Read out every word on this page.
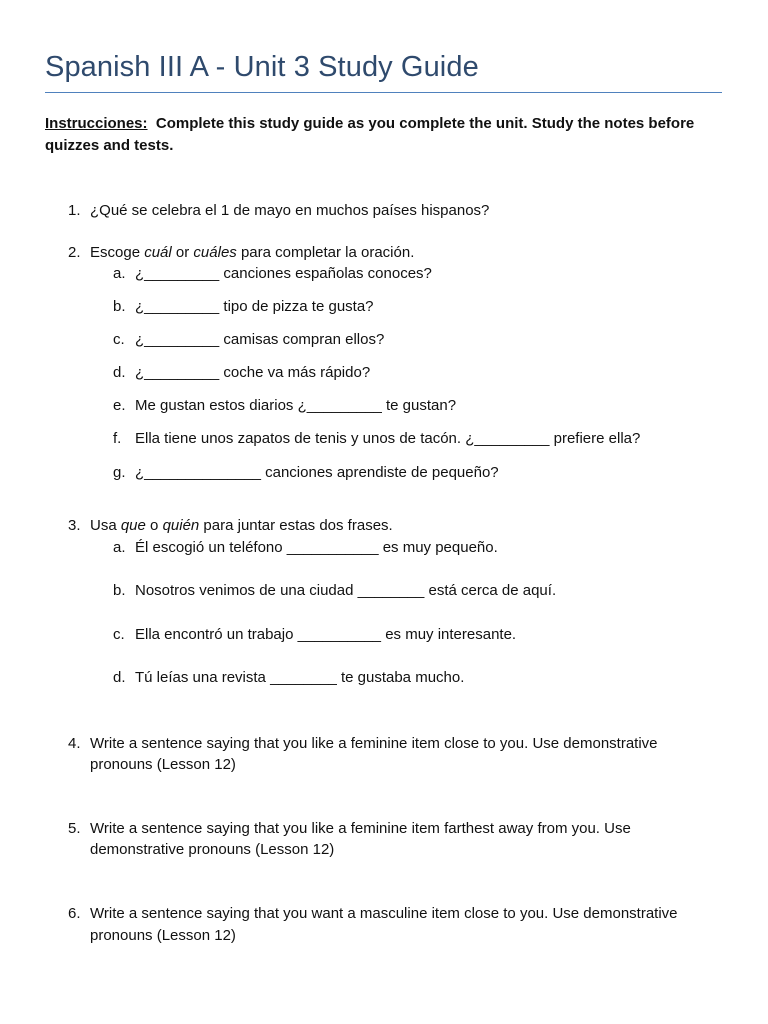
Spanish III A - Unit 3 Study Guide
Instrucciones: Complete this study guide as you complete the unit. Study the notes before quizzes and tests.
1. ¿Qué se celebra el 1 de mayo en muchos países hispanos?
2. Escoge cuál or cuáles para completar la oración.
a. ¿_________ canciones españolas conoces?
b. ¿_________ tipo de pizza te gusta?
c. ¿_________ camisas compran ellos?
d. ¿_________ coche va más rápido?
e. Me gustan estos diarios ¿_________ te gustan?
f. Ella tiene unos zapatos de tenis y unos de tacón. ¿_________ prefiere ella?
g. ¿______________ canciones aprendiste de pequeño?
3. Usa que o quién para juntar estas dos frases.
a. Él escogió un teléfono ___________ es muy pequeño.
b. Nosotros venimos de una ciudad ________ está cerca de aquí.
c. Ella encontró un trabajo __________ es muy interesante.
d. Tú leías una revista ________ te gustaba mucho.
4. Write a sentence saying that you like a feminine item close to you. Use demonstrative
pronouns (Lesson 12)
5. Write a sentence saying that you like a feminine item farthest away from you. Use
demonstrative pronouns (Lesson 12)
6. Write a sentence saying that you want a masculine item close to you. Use demonstrative
pronouns (Lesson 12)
